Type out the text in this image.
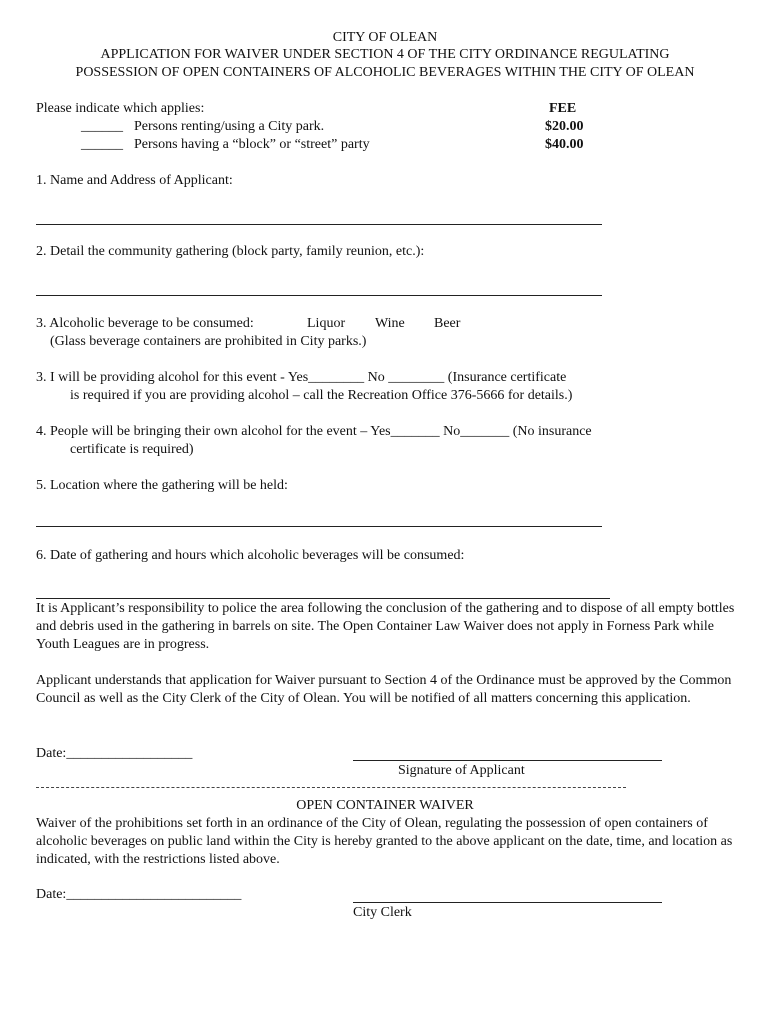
CITY OF OLEAN
APPLICATION FOR WAIVER UNDER SECTION 4 OF THE CITY ORDINANCE REGULATING
POSSESSION OF OPEN CONTAINERS OF ALCOHOLIC BEVERAGES WITHIN THE CITY OF OLEAN
Please indicate which applies:	FEE
______ Persons renting/using a City park.	$20.00
______ Persons having a “block” or “street” party	$40.00
1. Name and Address of Applicant:
2. Detail the community gathering (block party, family reunion, etc.):
3. Alcoholic beverage to be consumed:	Liquor Wine Beer
(Glass beverage containers are prohibited in City parks.)
3. I will be providing alcohol for this event - Yes________ No ________ (Insurance certificate
is required if you are providing alcohol – call the Recreation Office 376-5666 for details.)
4. People will be bringing their own alcohol for the event – Yes_______ No_______ (No insurance
certificate is required)
5. Location where the gathering will be held:
6. Date of gathering and hours which alcoholic beverages will be consumed:
It is Applicant’s responsibility to police the area following the conclusion of the gathering and to dispose of all empty bottles and debris used in the gathering in barrels on site. The Open Container Law Waiver does not apply in Forness Park while Youth Leagues are in progress.
Applicant understands that application for Waiver pursuant to Section 4 of the Ordinance must be approved by the Common Council as well as the City Clerk of the City of Olean. You will be notified of all matters concerning this application.
Date:__________________
Signature of Applicant
OPEN CONTAINER WAIVER
Waiver of the prohibitions set forth in an ordinance of the City of Olean, regulating the possession of open containers of alcoholic beverages on public land within the City is hereby granted to the above applicant on the date, time, and location as indicated, with the restrictions listed above.
Date:_________________________
City Clerk
